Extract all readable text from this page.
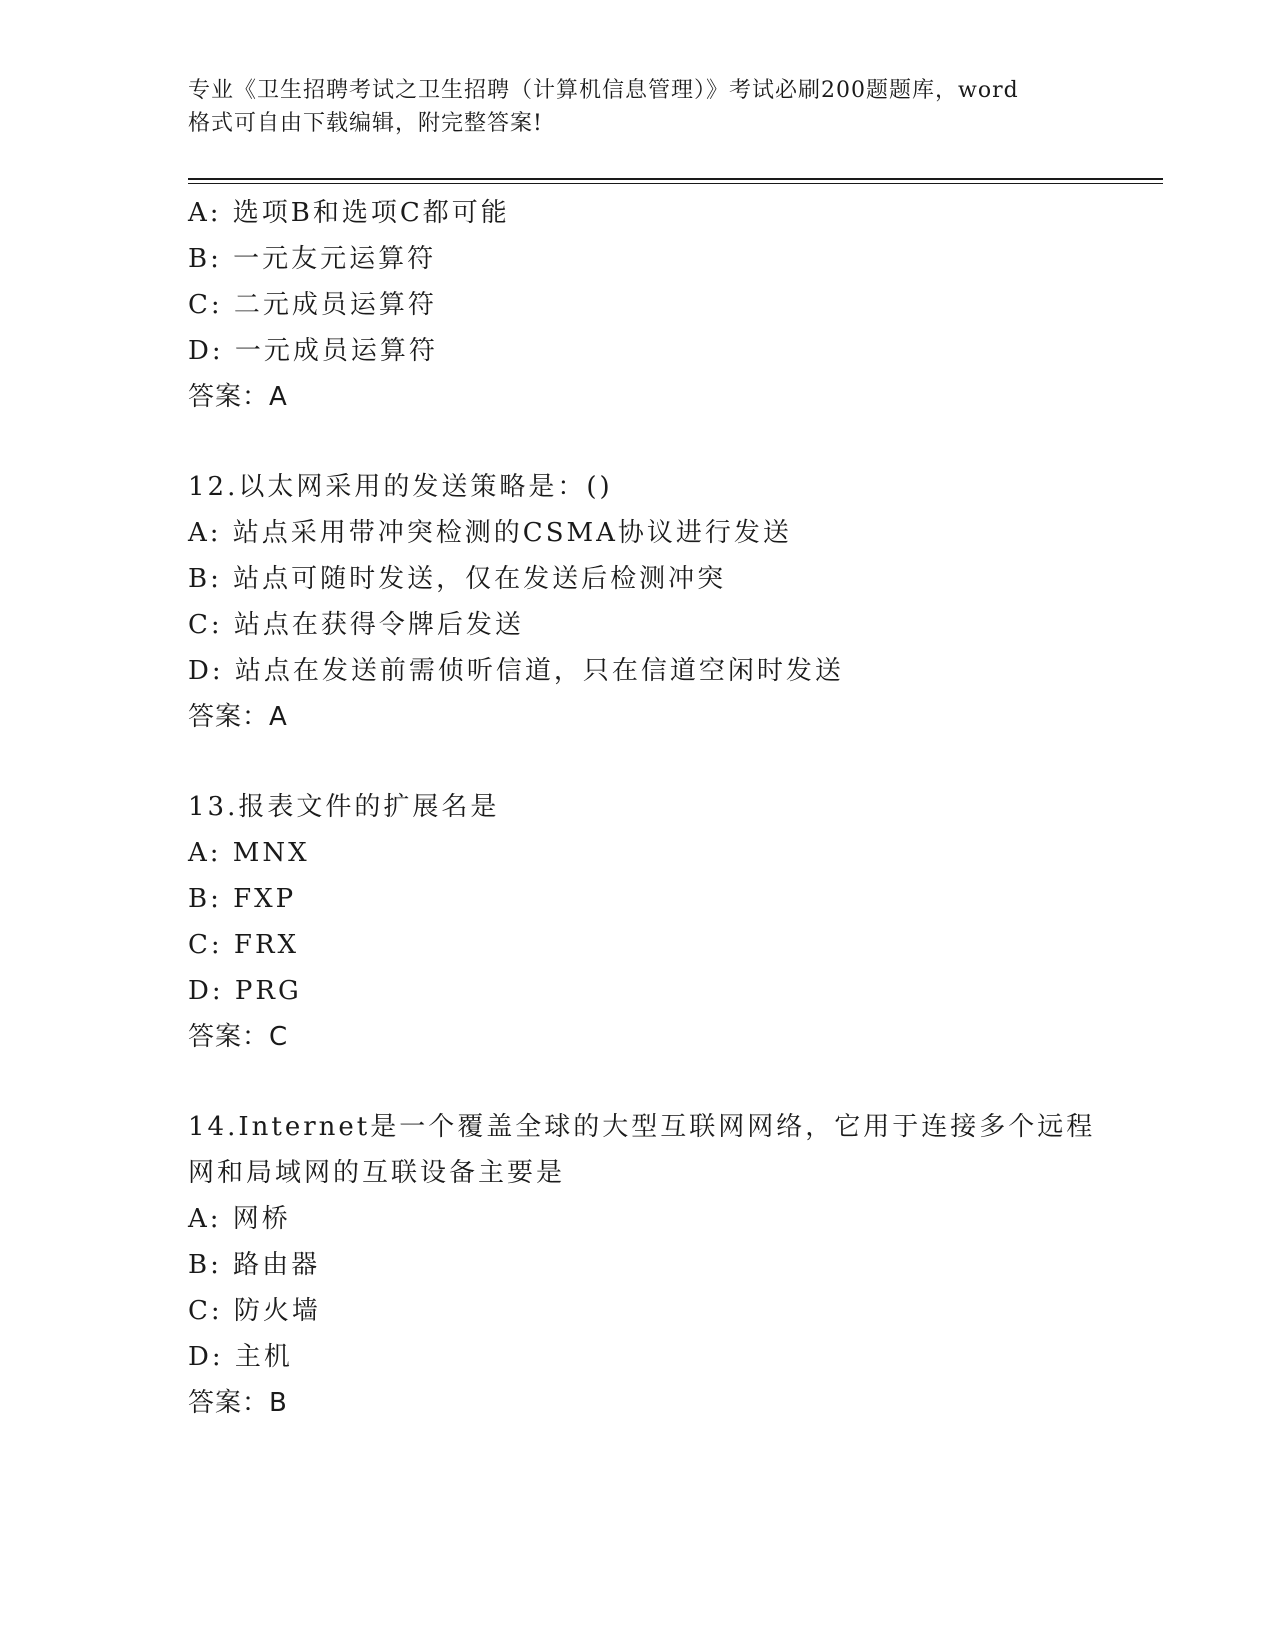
专业《卫生招聘考试之卫生招聘（计算机信息管理）》考试必刷200题题库，word
格式可自由下载编辑，附完整答案!
A: 选项B和选项C都可能
B: 一元友元运算符
C: 二元成员运算符
D: 一元成员运算符
答案：A
12.以太网采用的发送策略是：()
A: 站点采用带冲突检测的CSMA协议进行发送
B: 站点可随时发送，仅在发送后检测冲突
C: 站点在获得令牌后发送
D: 站点在发送前需侦听信道，只在信道空闲时发送
答案：A
13.报表文件的扩展名是
A: MNX
B: FXP
C: FRX
D: PRG
答案：C
14.Internet是一个覆盖全球的大型互联网网络，它用于连接多个远程
网和局域网的互联设备主要是
A: 网桥
B: 路由器
C: 防火墙
D: 主机
答案：B
